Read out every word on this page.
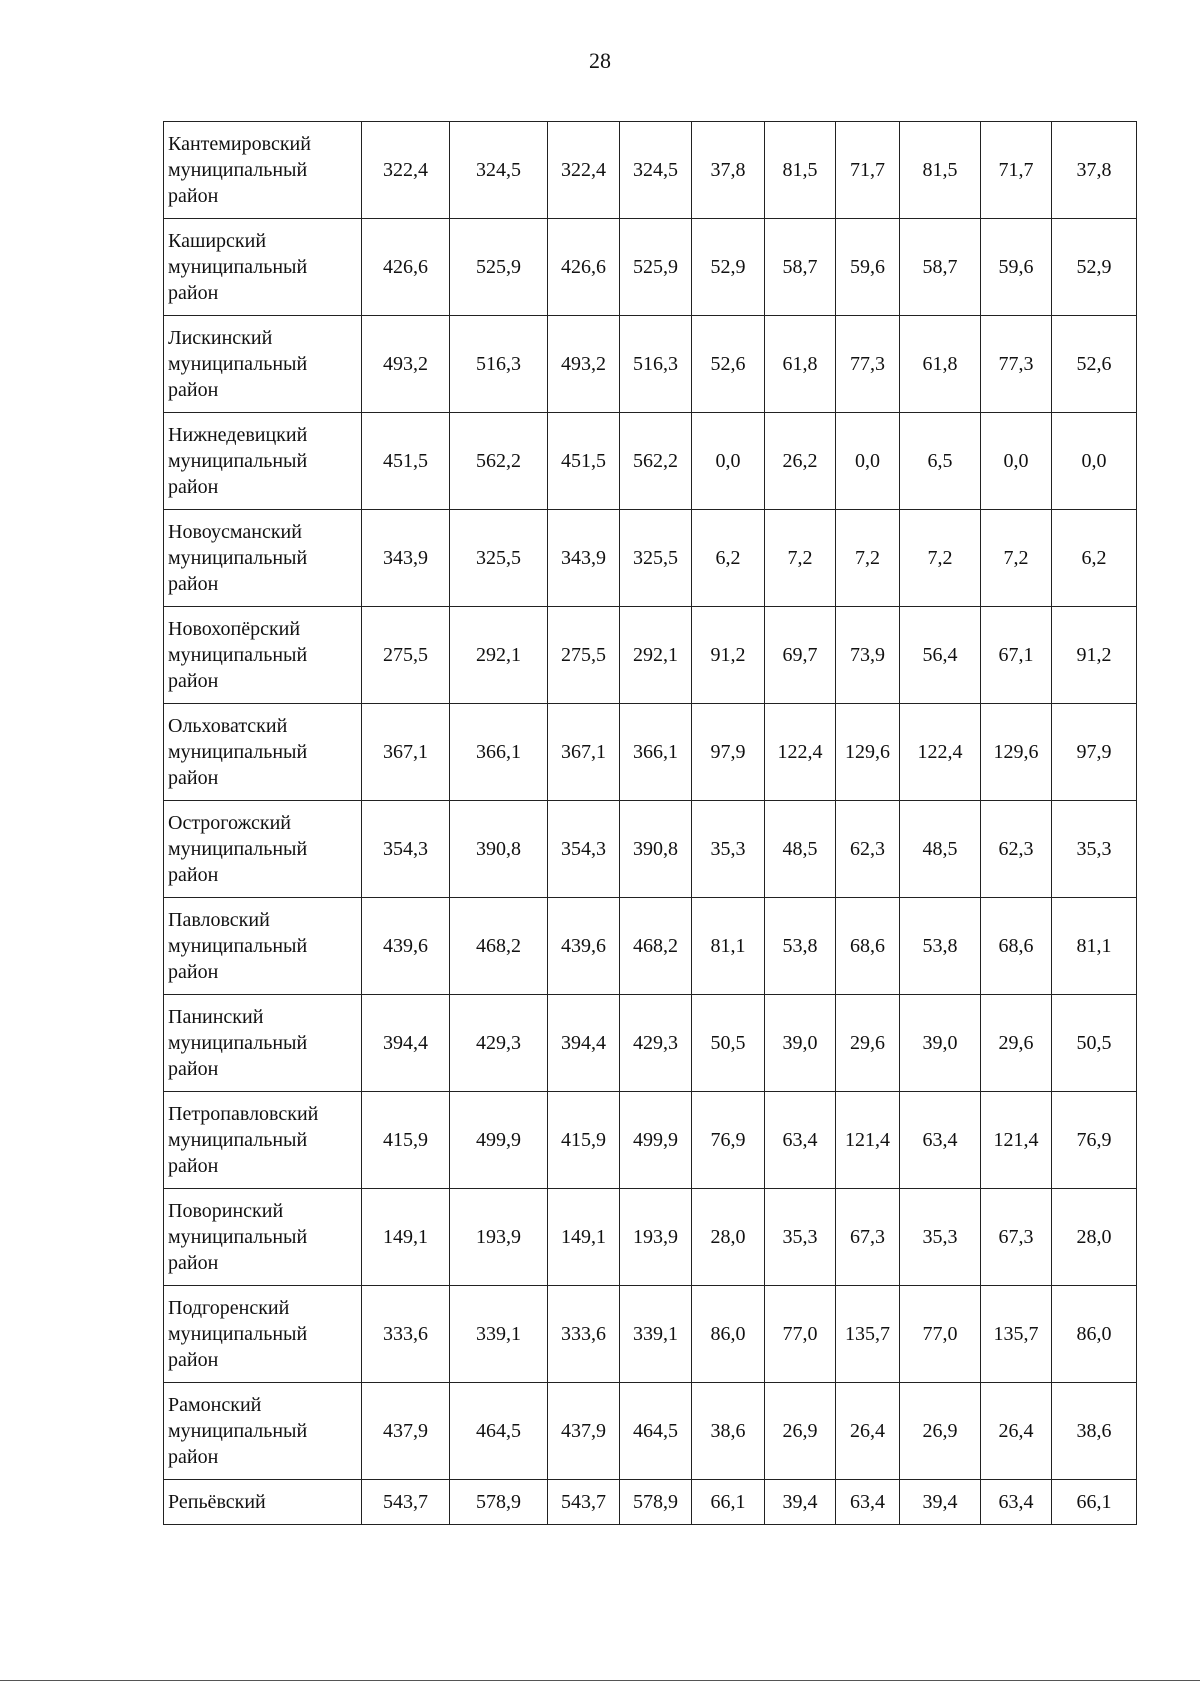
28
Кантемировский
муниципальный
район	322,4	324,5	322,4	324,5	37,8	81,5	71,7	81,5	71,7	37,8

Каширский
муниципальный
район	426,6	525,9	426,6	525,9	52,9	58,7	59,6	58,7	59,6	52,9

Лискинский
муниципальный
район	493,2	516,3	493,2	516,3	52,6	61,8	77,3	61,8	77,3	52,6

Нижнедевицкий
муниципальный
район	451,5	562,2	451,5	562,2	0,0	26,2	0,0	6,5	0,0	0,0

Новоусманский
муниципальный
район	343,9	325,5	343,9	325,5	6,2	7,2	7,2	7,2	7,2	6,2

Новохопёрский
муниципальный
район	275,5	292,1	275,5	292,1	91,2	69,7	73,9	56,4	67,1	91,2

Ольховатский
муниципальный
район	367,1	366,1	367,1	366,1	97,9	122,4	129,6	122,4	129,6	97,9

Острогожский
муниципальный
район	354,3	390,8	354,3	390,8	35,3	48,5	62,3	48,5	62,3	35,3

Павловский
муниципальный
район	439,6	468,2	439,6	468,2	81,1	53,8	68,6	53,8	68,6	81,1

Панинский
муниципальный
район	394,4	429,3	394,4	429,3	50,5	39,0	29,6	39,0	29,6	50,5

Петропавловский
муниципальный
район	415,9	499,9	415,9	499,9	76,9	63,4	121,4	63,4	121,4	76,9

Поворинский
муниципальный
район	149,1	193,9	149,1	193,9	28,0	35,3	67,3	35,3	67,3	28,0

Подгоренский
муниципальный
район	333,6	339,1	333,6	339,1	86,0	77,0	135,7	77,0	135,7	86,0

Рамонский
муниципальный
район	437,9	464,5	437,9	464,5	38,6	26,9	26,4	26,9	26,4	38,6

Репьёвский	543,7	578,9	543,7	578,9	66,1	39,4	63,4	39,4	63,4	66,1
